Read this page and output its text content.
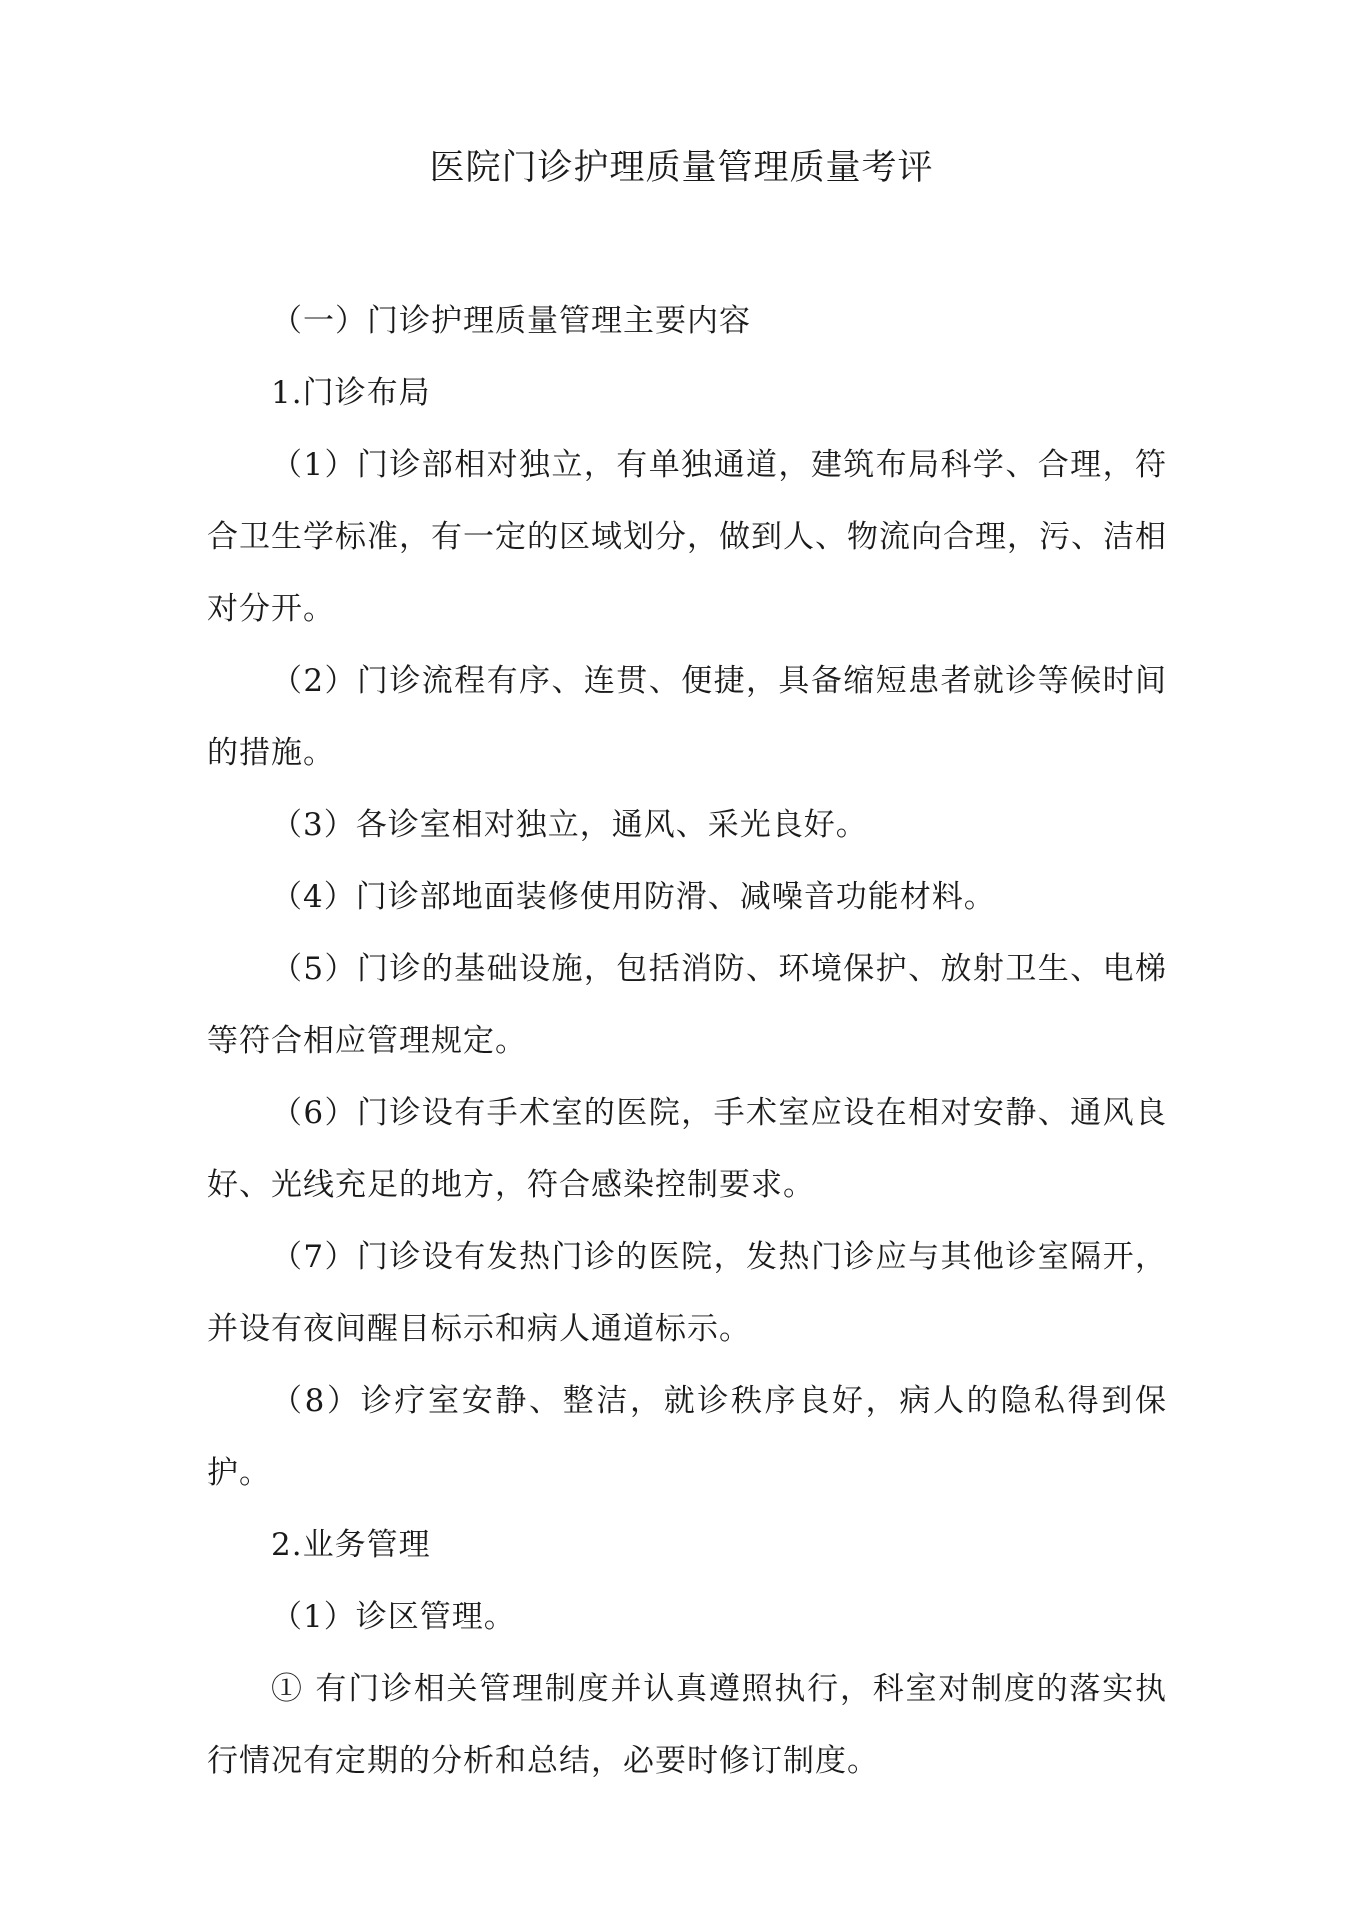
医院门诊护理质量管理质量考评

（一）门诊护理质量管理主要内容

1.门诊布局

（1）门诊部相对独立，有单独通道，建筑布局科学、合理，符合卫生学标准，有一定的区域划分，做到人、物流向合理，污、洁相对分开。

（2）门诊流程有序、连贯、便捷，具备缩短患者就诊等候时间的措施。

（3）各诊室相对独立，通风、采光良好。

（4）门诊部地面装修使用防滑、减噪音功能材料。

（5）门诊的基础设施，包括消防、环境保护、放射卫生、电梯等符合相应管理规定。

（6）门诊设有手术室的医院，手术室应设在相对安静、通风良好、光线充足的地方，符合感染控制要求。

（7）门诊设有发热门诊的医院，发热门诊应与其他诊室隔开，并设有夜间醒目标示和病人通道标示。

（8）诊疗室安静、整洁，就诊秩序良好，病人的隐私得到保护。

2.业务管理

（1）诊区管理。

① 有门诊相关管理制度并认真遵照执行，科室对制度的落实执行情况有定期的分析和总结，必要时修订制度。
